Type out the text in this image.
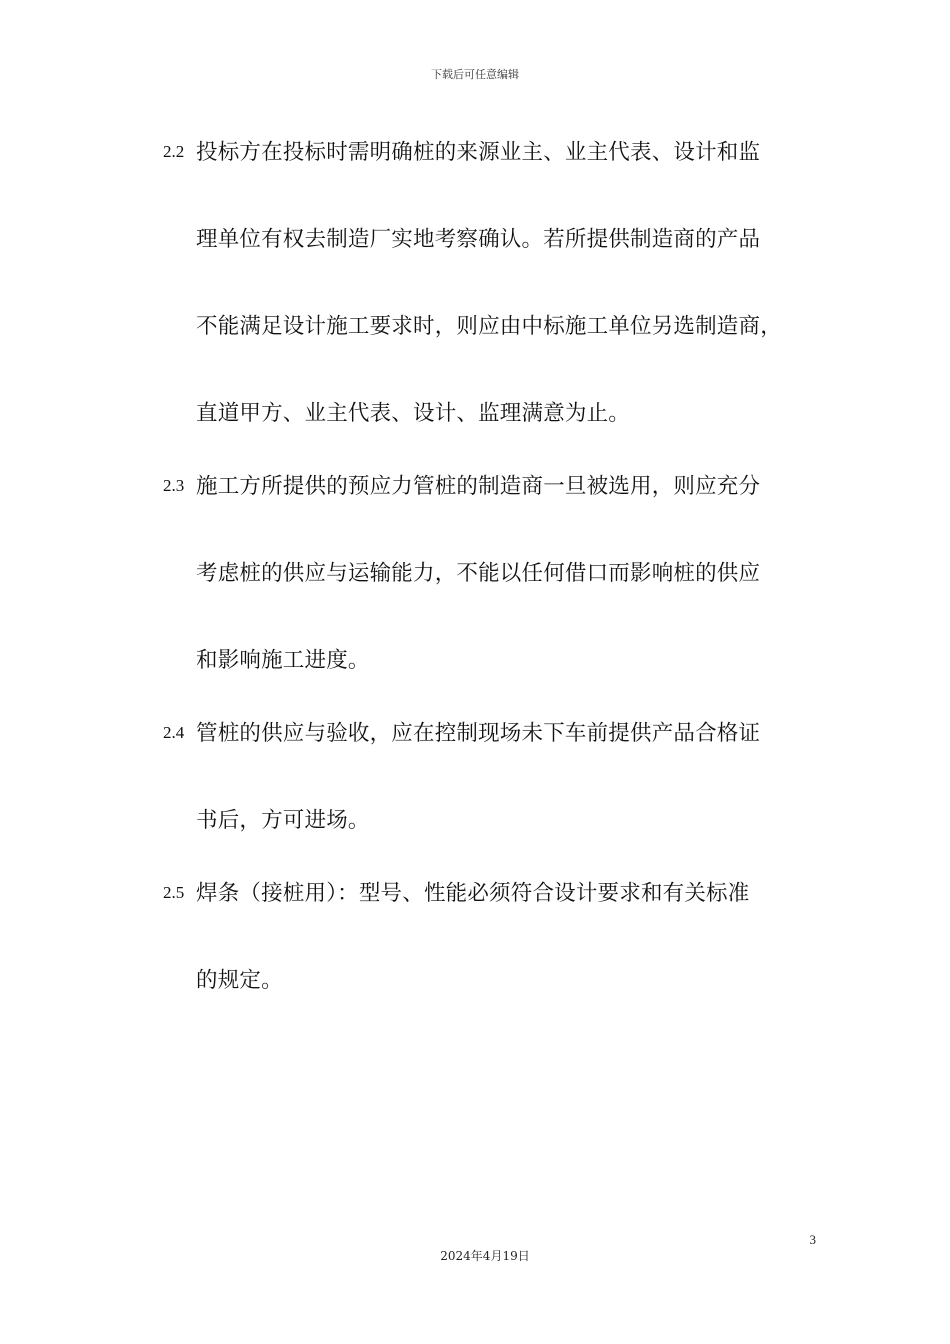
下载后可任意编辑
2.2 投标方在投标时需明确桩的来源业主、业主代表、设计和监
理单位有权去制造厂实地考察确认。若所提供制造商的产品
不能满足设计施工要求时，则应由中标施工单位另选制造商，
直道甲方、业主代表、设计、监理满意为止。
2.3 施工方所提供的预应力管桩的制造商一旦被选用，则应充分
考虑桩的供应与运输能力，不能以任何借口而影响桩的供应
和影响施工进度。
2.4 管桩的供应与验收，应在控制现场未下车前提供产品合格证
书后，方可进场。
2.5 焊条（接桩用）：型号、性能必须符合设计要求和有关标准
的规定。
3
2024年4月19日
